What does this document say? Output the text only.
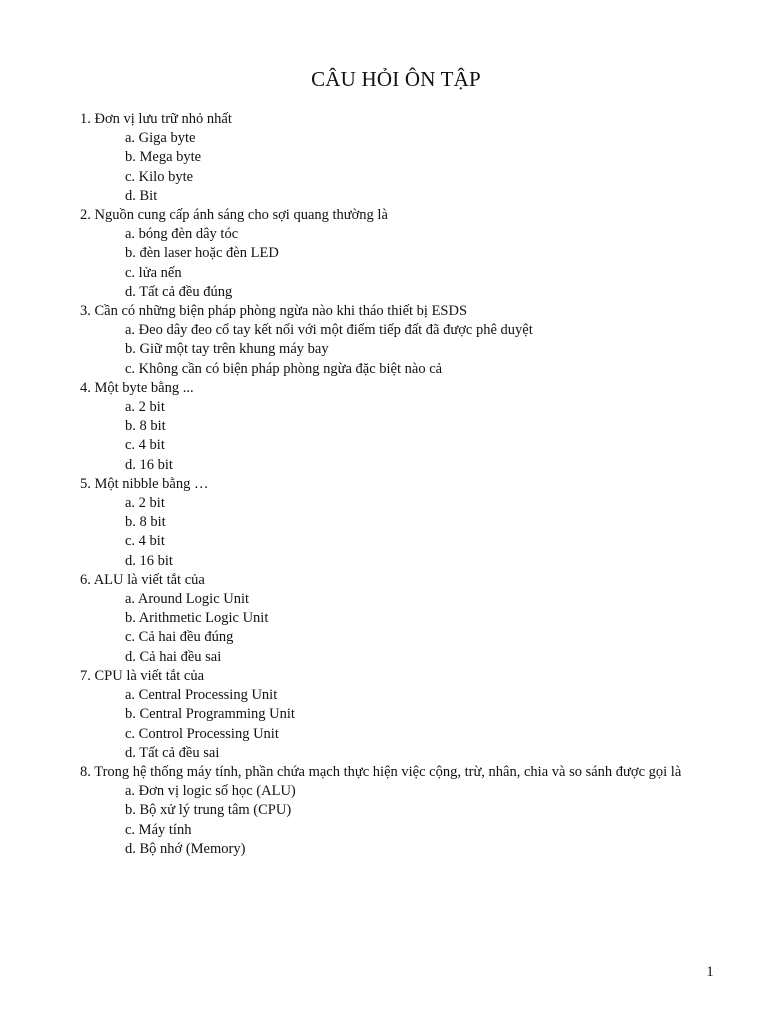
CÂU HỎI ÔN TẬP
1. Đơn vị lưu trữ nhỏ nhất
a. Giga byte
b. Mega byte
c. Kilo byte
d. Bit
2. Nguồn cung cấp ánh sáng cho sợi quang thường là
a. bóng đèn dây tóc
b. đèn laser hoặc đèn LED
c. lửa nến
d. Tất cả đều đúng
3. Cần có những biện pháp phòng ngừa nào khi tháo thiết bị ESDS
a. Đeo dây đeo cổ tay kết nối với một điểm tiếp đất đã được phê duyệt
b. Giữ một tay trên khung máy bay
c. Không cần có biện pháp phòng ngừa đặc biệt nào cả
4. Một byte bằng ...
a. 2 bit
b. 8 bit
c. 4 bit
d. 16 bit
5. Một nibble bằng …
a. 2 bit
b. 8 bit
c. 4 bit
d. 16 bit
6. ALU là viết tắt của
a. Around Logic Unit
b. Arithmetic Logic Unit
c. Cả hai đều đúng
d. Cả hai đều sai
7. CPU là viết tắt của
a. Central Processing Unit
b. Central Programming Unit
c. Control Processing Unit
d. Tất cả đều sai
8. Trong hệ thống máy tính, phần chứa mạch thực hiện việc cộng, trừ, nhân, chia và so sánh được gọi là
a. Đơn vị logic số học (ALU)
b. Bộ xử lý trung tâm (CPU)
c. Máy tính
d. Bộ nhớ (Memory)
1
